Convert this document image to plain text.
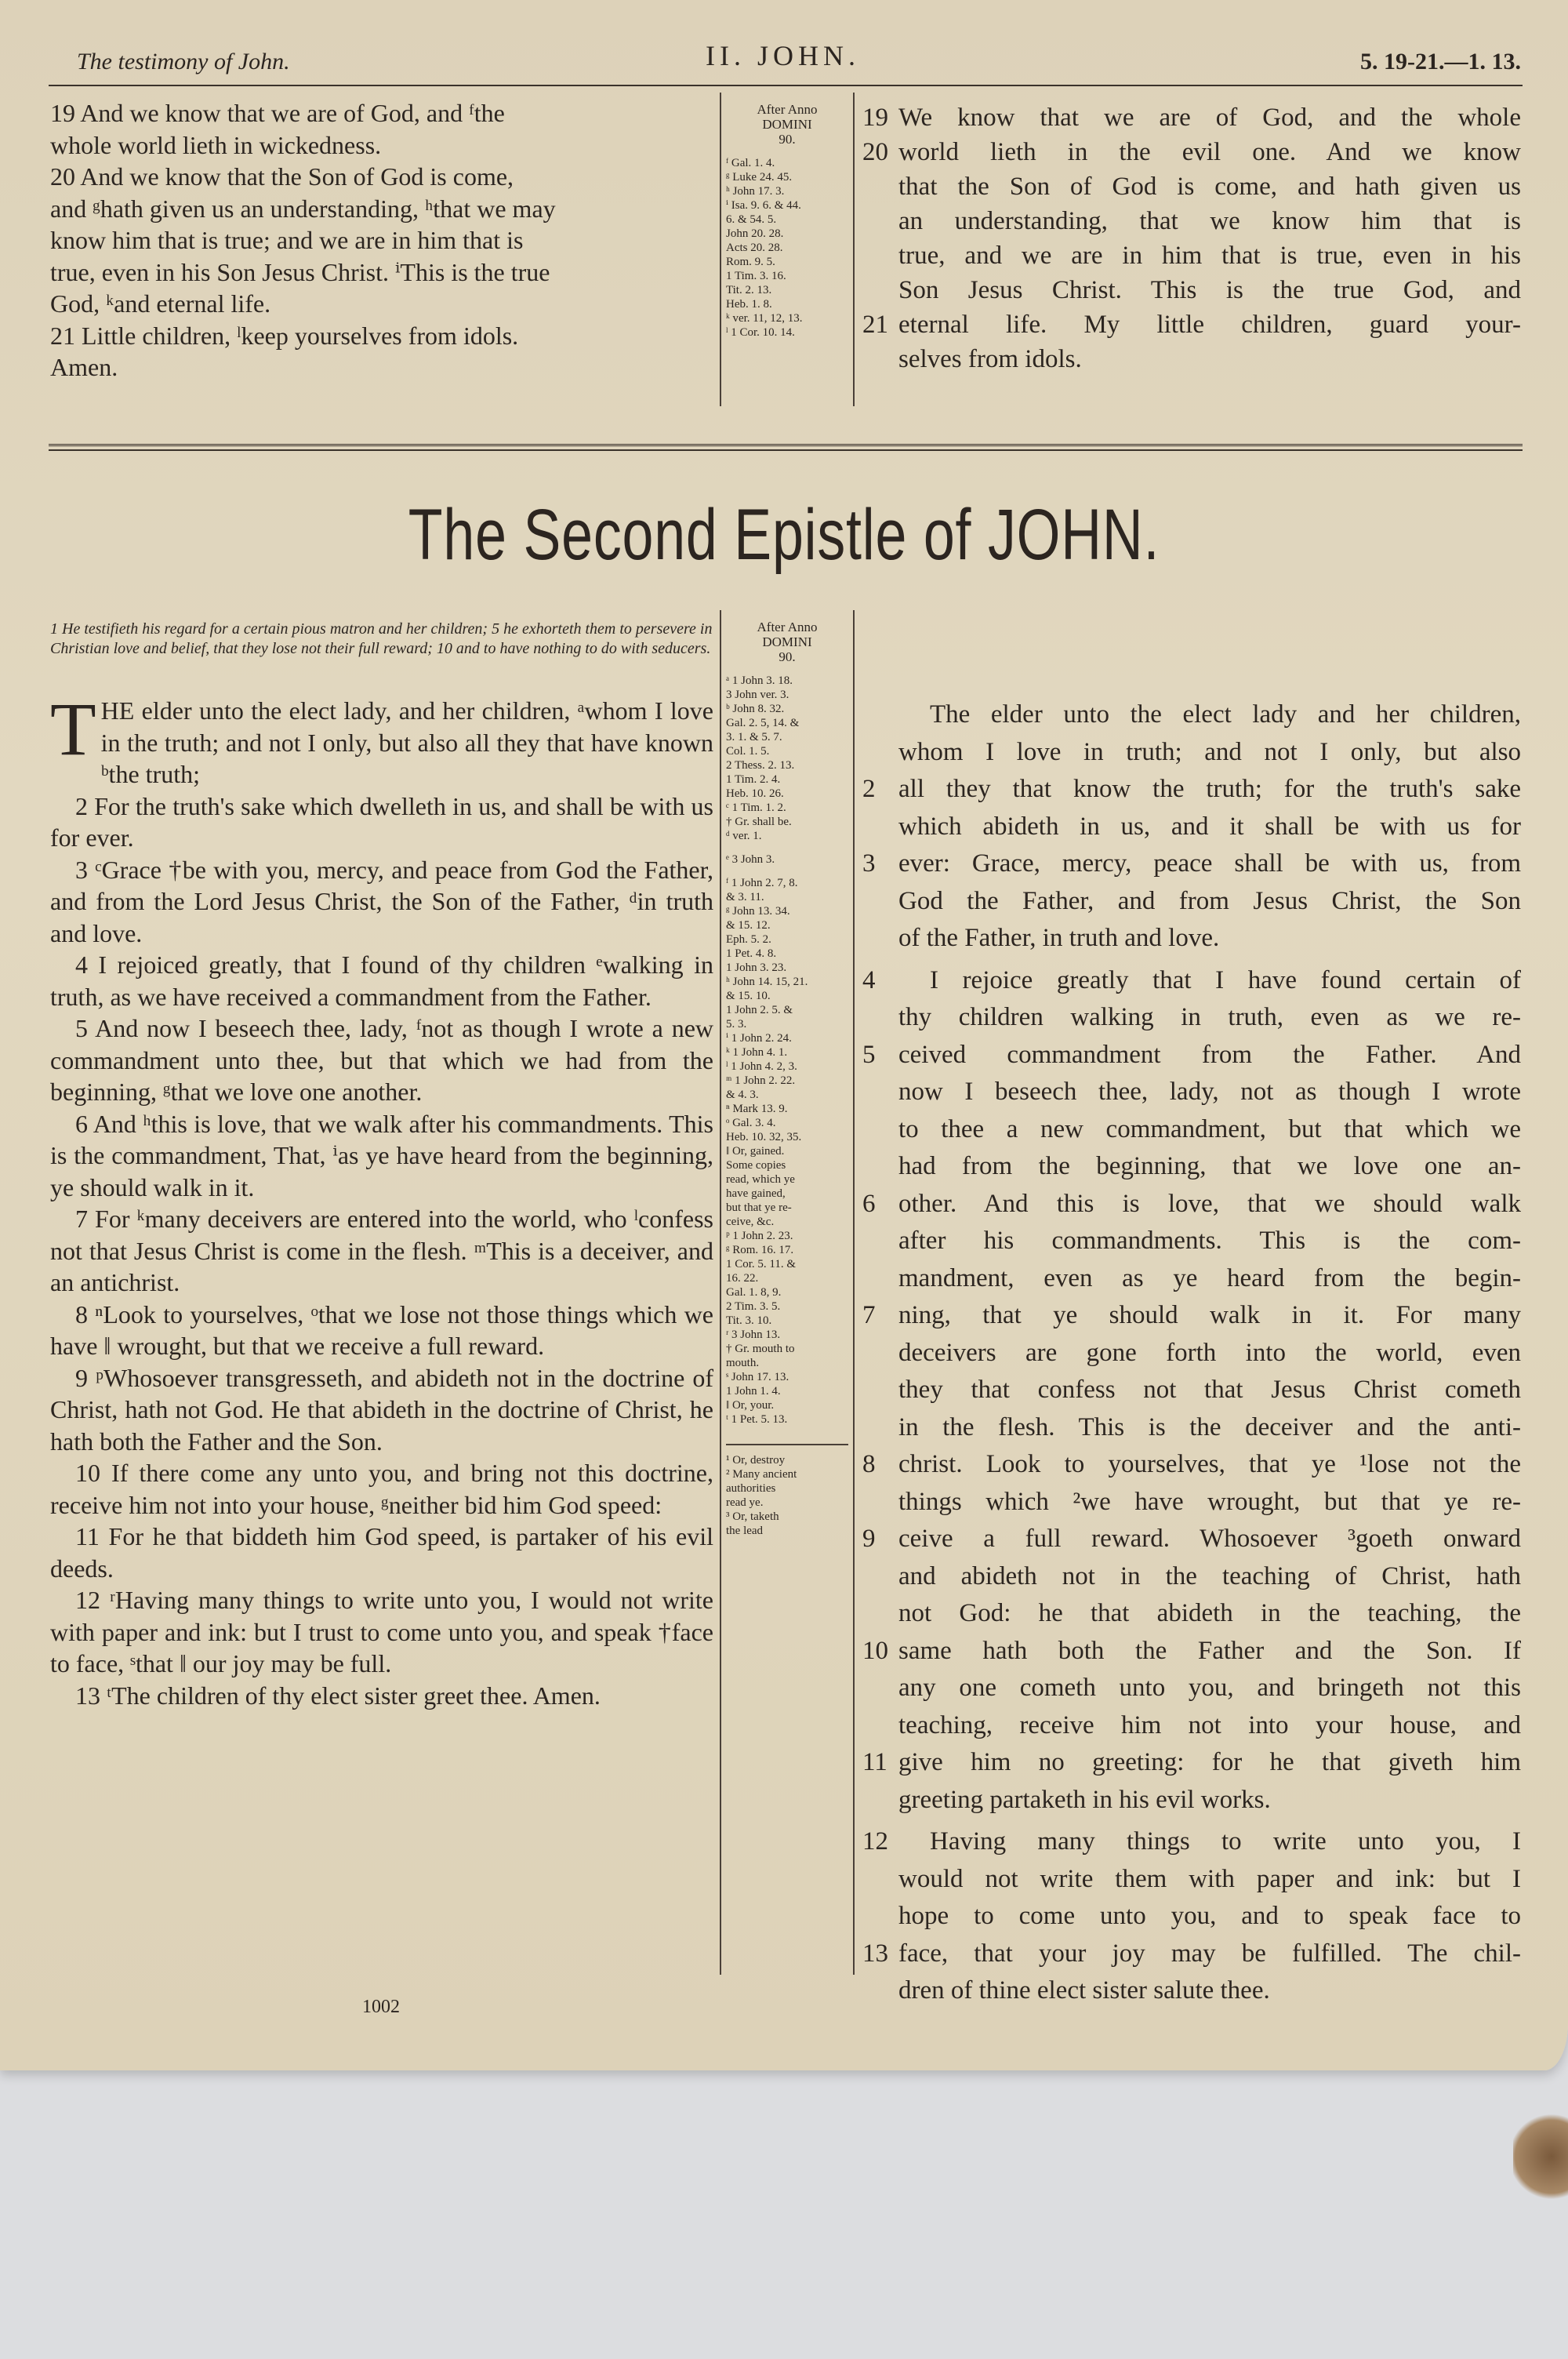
The testimony of John.	II. JOHN.	5. 19-21.—1. 13.
19 And we know that we are of God, and ᶠthe
whole world lieth in wickedness.
20 And we know that the Son of God is come,
and ᵍhath given us an understanding, ʰthat we may
know him that is true; and we are in him that is
true, even in his Son Jesus Christ. ⁱThis is the true
God, ᵏand eternal life.
21 Little children, ˡkeep yourselves from idols.
Amen.
After Anno
DOMINI
90.
ᶠ Gal. 1. 4.
ᵍ Luke 24. 45.
ʰ John 17. 3.
ⁱ Isa. 9. 6. & 44.
6. & 54. 5.
John 20. 28.
Acts 20. 28.
Rom. 9. 5.
1 Tim. 3. 16.
Tit. 2. 13.
Heb. 1. 8.
ᵏ ver. 11, 12, 13.
ˡ 1 Cor. 10. 14.
19 We know that we are of God, and the whole
20 world lieth in the evil one. And we know
that the Son of God is come, and hath given us
an understanding, that we know him that is
true, and we are in him that is true, even in his
Son Jesus Christ. This is the true God, and
21 eternal life. My little children, guard your-
selves from idols.
The Second Epistle of JOHN.
1 He testifieth his regard for a certain pious matron and her children; 5 he exhorteth them to persevere in Christian love and belief, that they lose not their full reward; 10 and to have nothing to do with seducers.
T HE elder unto the elect lady, and her children, ᵃwhom I love in the truth; and not I only, but also all they that have known ᵇthe truth;

2 For the truth's sake which dwelleth in us, and shall be with us for ever.

3 ᶜGrace †be with you, mercy, and peace from God the Father, and from the Lord Jesus Christ, the Son of the Father, ᵈin truth and love.

4 I rejoiced greatly, that I found of thy children ᵉwalking in truth, as we have received a commandment from the Father.

5 And now I beseech thee, lady, ᶠnot as though I wrote a new commandment unto thee, but that which we had from the beginning, ᵍthat we love one another.

6 And ʰthis is love, that we walk after his commandments. This is the commandment, That, ⁱas ye have heard from the beginning, ye should walk in it.

7 For ᵏmany deceivers are entered into the world, who ˡconfess not that Jesus Christ is come in the flesh. ᵐThis is a deceiver, and an antichrist.

8 ⁿLook to yourselves, ᵒthat we lose not those things which we have ‖ wrought, but that we receive a full reward.

9 ᵖWhosoever transgresseth, and abideth not in the doctrine of Christ, hath not God. He that abideth in the doctrine of Christ, he hath both the Father and the Son.

10 If there come any unto you, and bring not this doctrine, receive him not into your house, ᵍneither bid him God speed:

11 For he that biddeth him God speed, is partaker of his evil deeds.

12 ʳHaving many things to write unto you, I would not write with paper and ink: but I trust to come unto you, and speak †face to face, ˢthat ‖ our joy may be full.

13 ᵗThe children of thy elect sister greet thee. Amen.

After Anno
DOMINI
90.
ᵃ 1 John 3. 18.
3 John ver. 3.
ᵇ John 8. 32.
Gal. 2. 5, 14. &
3. 1. & 5. 7.
Col. 1. 5.
2 Thess. 2. 13.
1 Tim. 2. 4.
Heb. 10. 26.
ᶜ 1 Tim. 1. 2.
† Gr. shall be.
ᵈ ver. 1.

ᵉ 3 John 3.

ᶠ 1 John 2. 7, 8.
& 3. 11.
ᵍ John 13. 34.
& 15. 12.
Eph. 5. 2.
1 Pet. 4. 8.
1 John 3. 23.
ʰ John 14. 15, 21.
& 15. 10.
1 John 2. 5. &
5. 3.
ⁱ 1 John 2. 24.
ᵏ 1 John 4. 1.
ˡ 1 John 4. 2, 3.
ᵐ 1 John 2. 22.
& 4. 3.
ⁿ Mark 13. 9.
ᵒ Gal. 3. 4.
Heb. 10. 32, 35.
‖ Or, gained.
Some copies
read, which ye
have gained,
but that ye re-
ceive, &c.
ᵖ 1 John 2. 23.
ᵍ Rom. 16. 17.
1 Cor. 5. 11. &
16. 22.
Gal. 1. 8, 9.
2 Tim. 3. 5.
Tit. 3. 10.
ʳ 3 John 13.
† Gr. mouth to
mouth.
ˢ John 17. 13.
1 John 1. 4.
‖ Or, your.
ᵗ 1 Pet. 5. 13.
¹ Or, destroy
² Many ancient
authorities
read ye.
³ Or, taketh
the lead
The elder unto the elect lady and her children,
whom I love in truth; and not I only, but also
2 all they that know the truth; for the truth's sake
which abideth in us, and it shall be with us for
3 ever: Grace, mercy, peace shall be with us, from
God the Father, and from Jesus Christ, the Son
of the Father, in truth and love.
4	I rejoice greatly that I have found certain of
thy children walking in truth, even as we re-
5 ceived commandment from the Father. And
now I beseech thee, lady, not as though I wrote
to thee a new commandment, but that which we
had from the beginning, that we love one an-
6 other. And this is love, that we should walk
after his commandments. This is the com-
mandment, even as ye heard from the begin-
7 ning, that ye should walk in it. For many
deceivers are gone forth into the world, even
they that confess not that Jesus Christ cometh
in the flesh. This is the deceiver and the anti-
8 christ. Look to yourselves, that ye ¹lose not the
things which ²we have wrought, but that ye re-
9 ceive a full reward. Whosoever ³goeth onward
and abideth not in the teaching of Christ, hath
not God: he that abideth in the teaching, the
10 same hath both the Father and the Son. If
any one cometh unto you, and bringeth not this
teaching, receive him not into your house, and
11 give him no greeting: for he that giveth him
greeting partaketh in his evil works.
12	Having many things to write unto you, I
would not write them with paper and ink: but I
hope to come unto you, and to speak face to
13 face, that your joy may be fulfilled. The chil-
dren of thine elect sister salute thee.
1002
